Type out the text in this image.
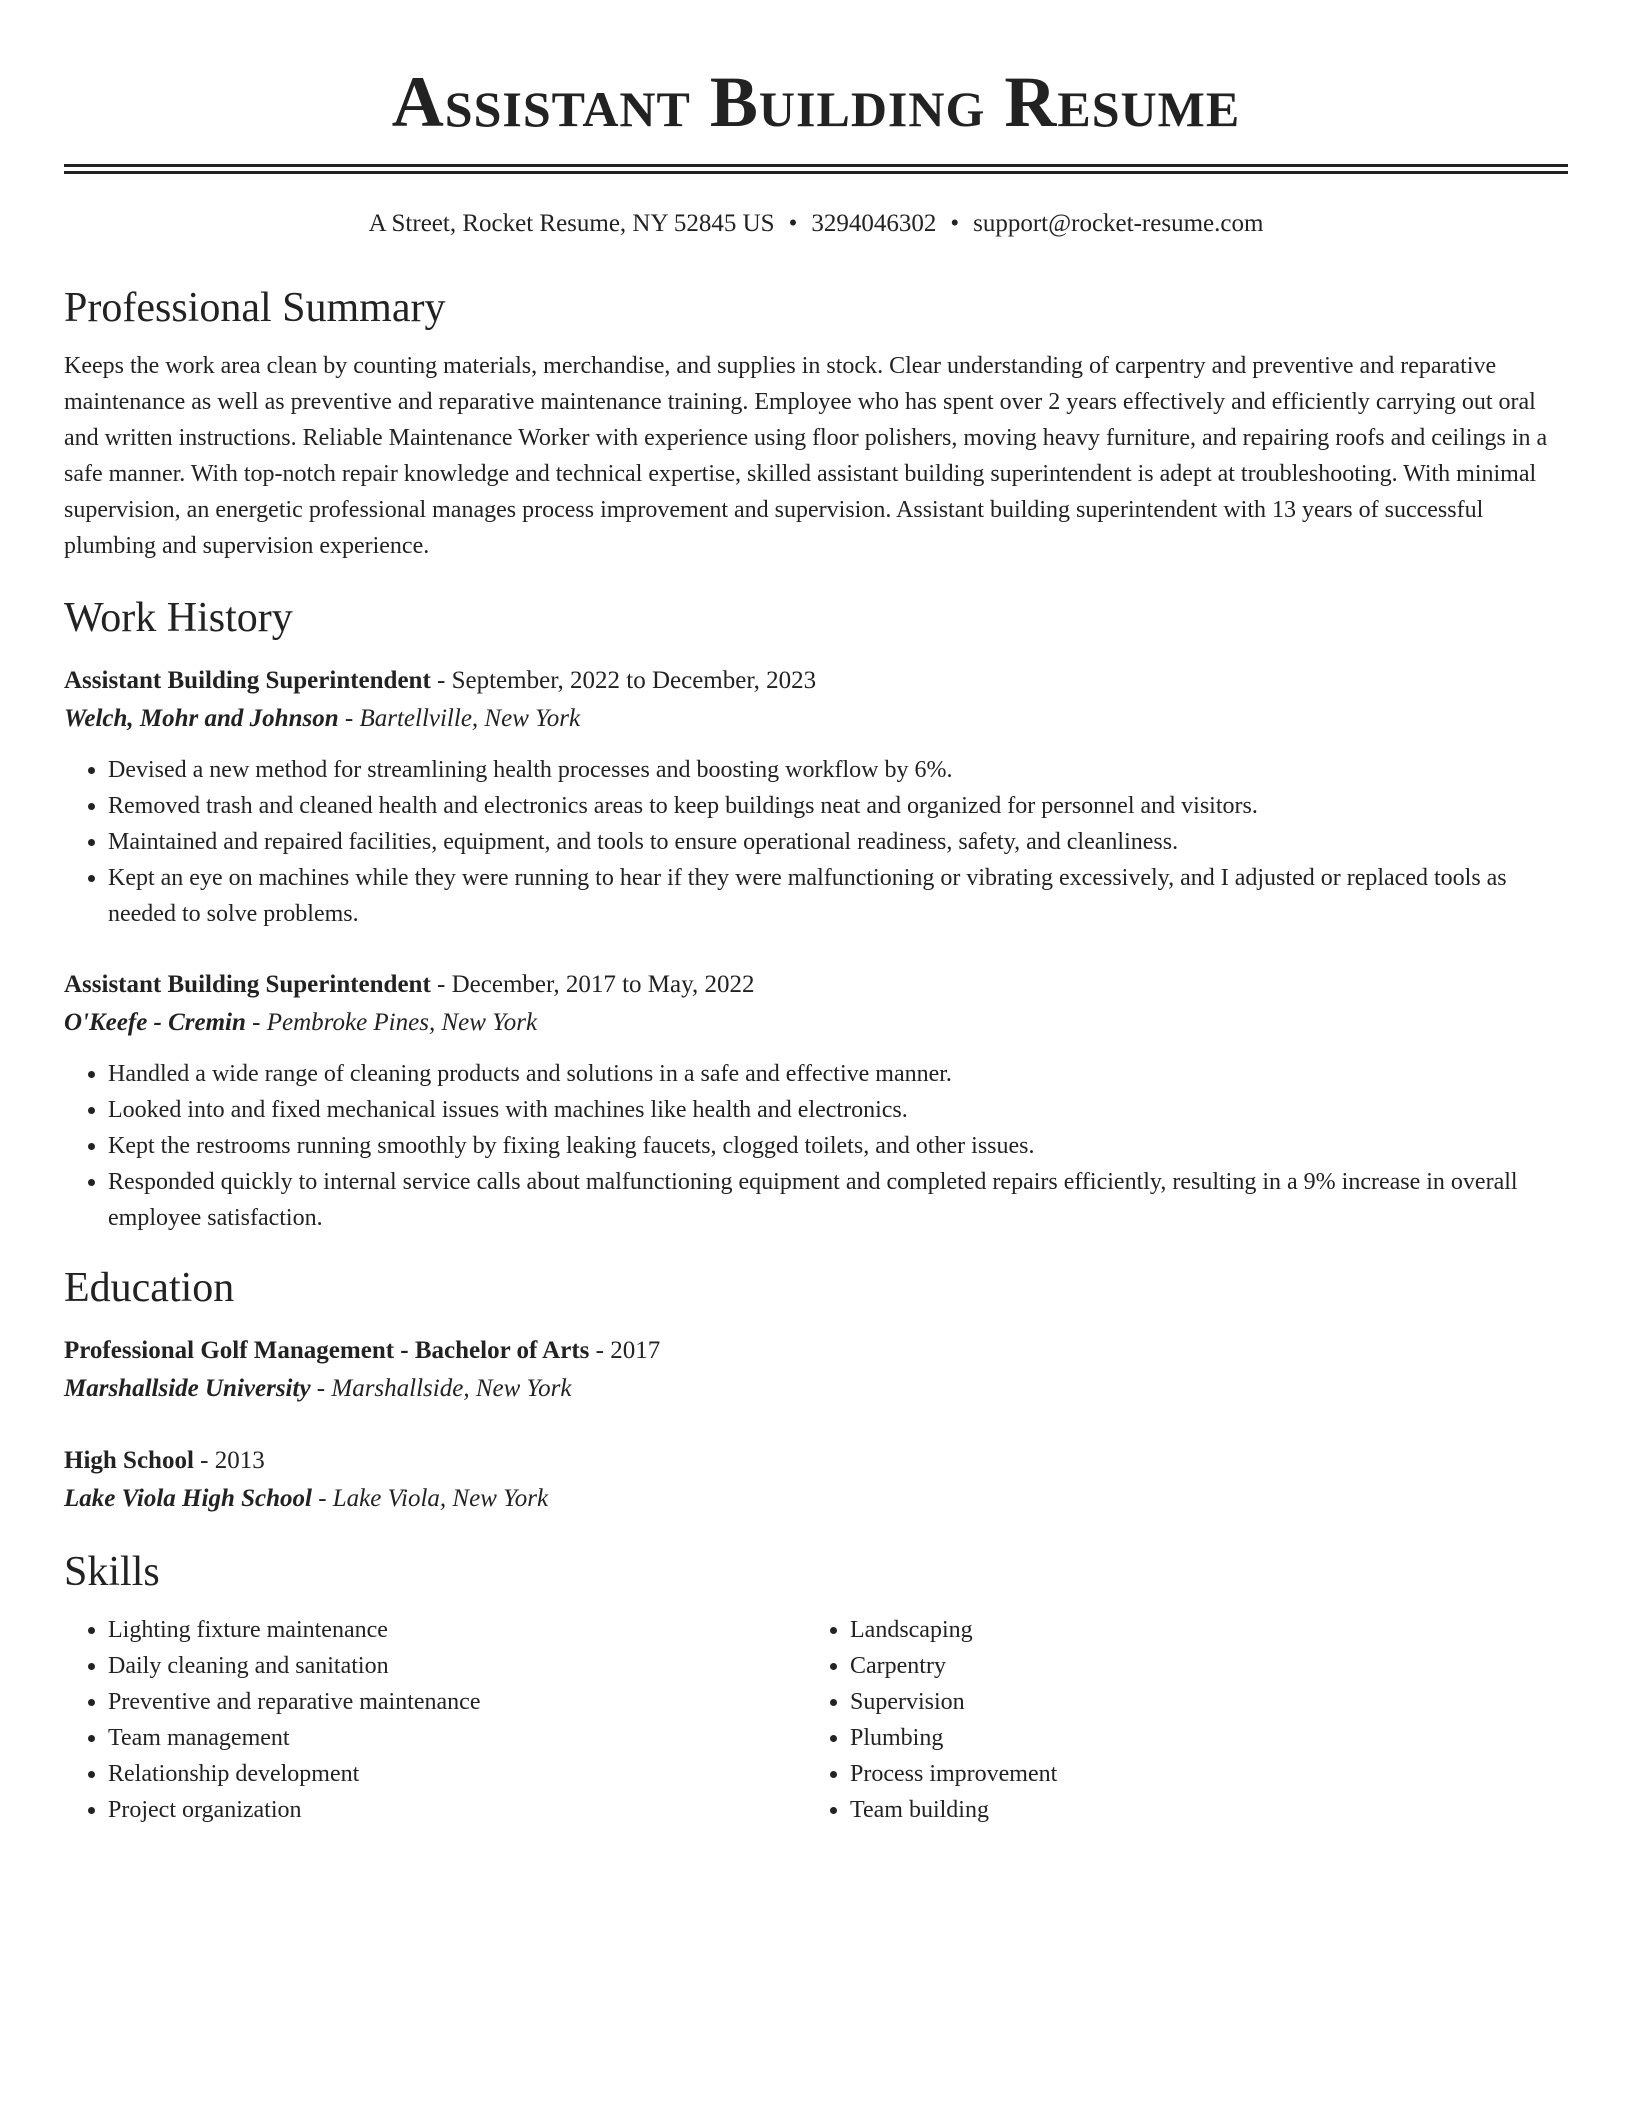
Assistant Building Resume
A Street, Rocket Resume, NY 52845 US • 3294046302 • support@rocket-resume.com
Professional Summary

Keeps the work area clean by counting materials, merchandise, and supplies in stock. Clear understanding of carpentry and preventive and reparative maintenance as well as preventive and reparative maintenance training. Employee who has spent over 2 years effectively and efficiently carrying out oral and written instructions. Reliable Maintenance Worker with experience using floor polishers, moving heavy furniture, and repairing roofs and ceilings in a safe manner. With top-notch repair knowledge and technical expertise, skilled assistant building superintendent is adept at troubleshooting. With minimal supervision, an energetic professional manages process improvement and supervision. Assistant building superintendent with 13 years of successful plumbing and supervision experience.

Work History
Assistant Building Superintendent - September, 2022 to December, 2023
Welch, Mohr and Johnson - Bartellville, New York
• Devised a new method for streamlining health processes and boosting workflow by 6%.
• Removed trash and cleaned health and electronics areas to keep buildings neat and organized for personnel and visitors.
• Maintained and repaired facilities, equipment, and tools to ensure operational readiness, safety, and cleanliness.
• Kept an eye on machines while they were running to hear if they were malfunctioning or vibrating excessively, and I adjusted or replaced tools as needed to solve problems.
Assistant Building Superintendent - December, 2017 to May, 2022
O'Keefe - Cremin - Pembroke Pines, New York
• Handled a wide range of cleaning products and solutions in a safe and effective manner.
• Looked into and fixed mechanical issues with machines like health and electronics.
• Kept the restrooms running smoothly by fixing leaking faucets, clogged toilets, and other issues.
• Responded quickly to internal service calls about malfunctioning equipment and completed repairs efficiently, resulting in a 9% increase in overall employee satisfaction.
Education
Professional Golf Management - Bachelor of Arts - 2017
Marshallside University - Marshallside, New York
High School - 2013
Lake Viola High School - Lake Viola, New York
Skills
• Lighting fixture maintenance
• Daily cleaning and sanitation
• Preventive and reparative maintenance
• Team management
• Relationship development
• Project organization
• Landscaping
• Carpentry
• Supervision
• Plumbing
• Process improvement
• Team building
